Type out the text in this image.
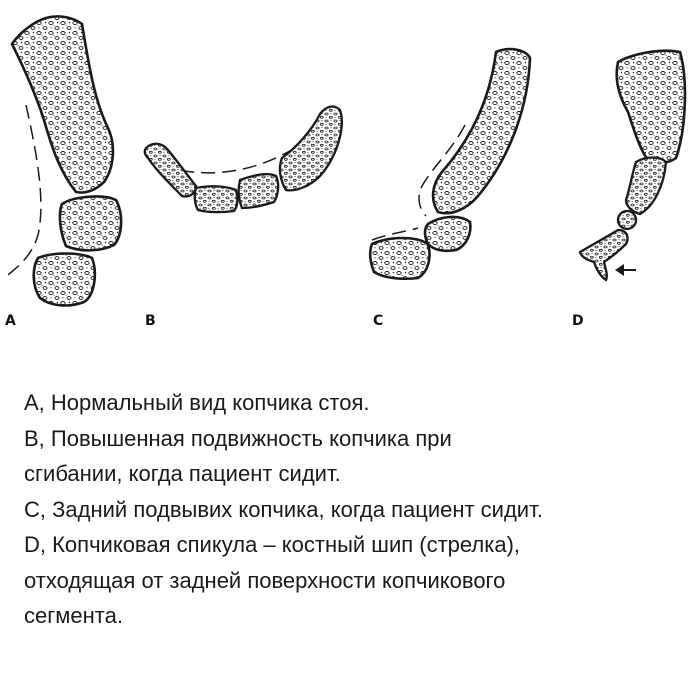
A	B	C	D

A, Нормальный вид копчика стоя.

B, Повышенная подвижность копчика при

сгибании, когда пациент сидит.

C, Задний подвывих копчика, когда пациент сидит.

D, Копчиковая спикула – костный шип (стрелка),

отходящая от задней поверхности копчикового

сегмента.
